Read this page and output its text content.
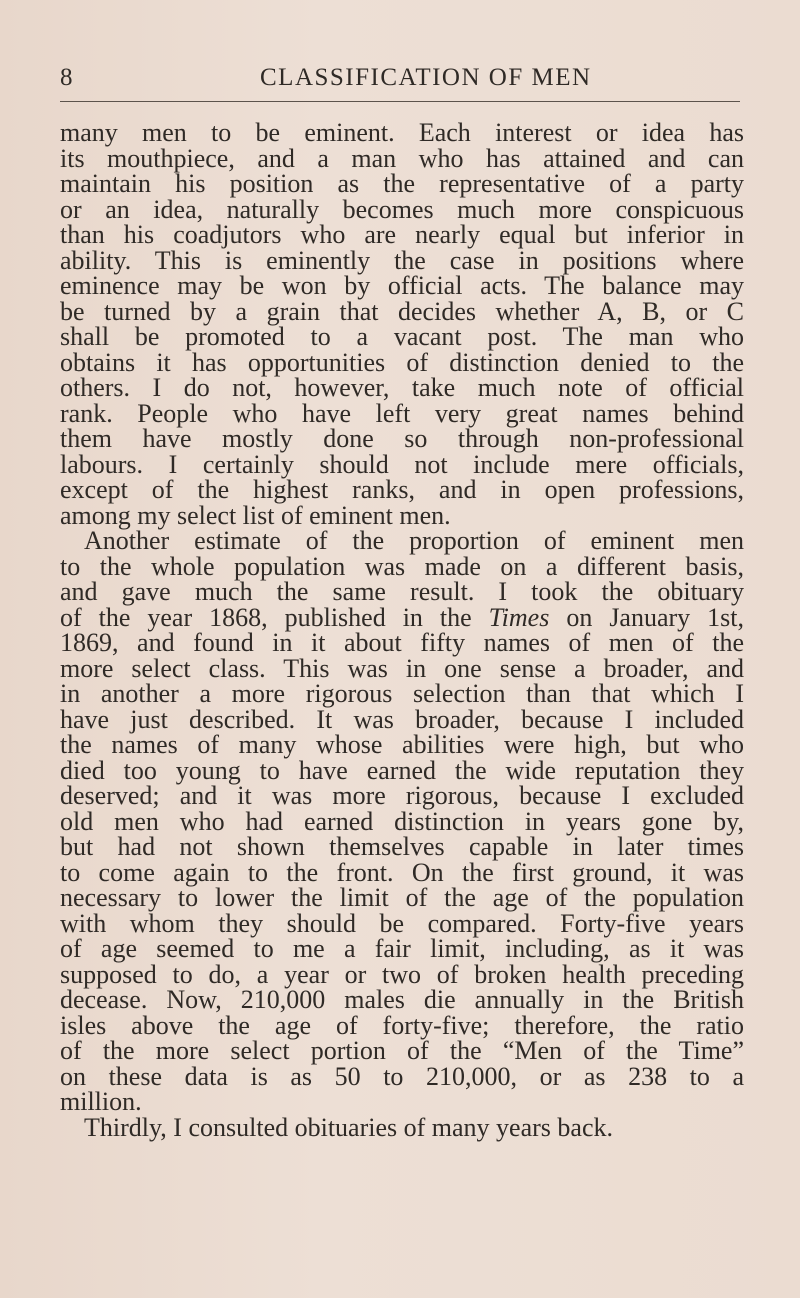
8	CLASSIFICATION OF MEN
many men to be eminent. Each interest or idea has
its mouthpiece, and a man who has attained and can
maintain his position as the representative of a party
or an idea, naturally becomes much more conspicuous
than his coadjutors who are nearly equal but inferior in
ability. This is eminently the case in positions where
eminence may be won by official acts. The balance may
be turned by a grain that decides whether A, B, or C
shall be promoted to a vacant post. The man who
obtains it has opportunities of distinction denied to the
others. I do not, however, take much note of official
rank. People who have left very great names behind
them have mostly done so through non-professional
labours. I certainly should not include mere officials,
except of the highest ranks, and in open professions,
among my select list of eminent men.
Another estimate of the proportion of eminent men
to the whole population was made on a different basis,
and gave much the same result. I took the obituary
of the year 1868, published in the Times on January 1st,
1869, and found in it about fifty names of men of the
more select class. This was in one sense a broader, and
in another a more rigorous selection than that which I
have just described. It was broader, because I included
the names of many whose abilities were high, but who
died too young to have earned the wide reputation they
deserved; and it was more rigorous, because I excluded
old men who had earned distinction in years gone by,
but had not shown themselves capable in later times
to come again to the front. On the first ground, it was
necessary to lower the limit of the age of the population
with whom they should be compared. Forty-five years
of age seemed to me a fair limit, including, as it was
supposed to do, a year or two of broken health preceding
decease. Now, 210,000 males die annually in the British
isles above the age of forty-five; therefore, the ratio
of the more select portion of the “Men of the Time”
on these data is as 50 to 210,000, or as 238 to a
million.
Thirdly, I consulted obituaries of many years back.
